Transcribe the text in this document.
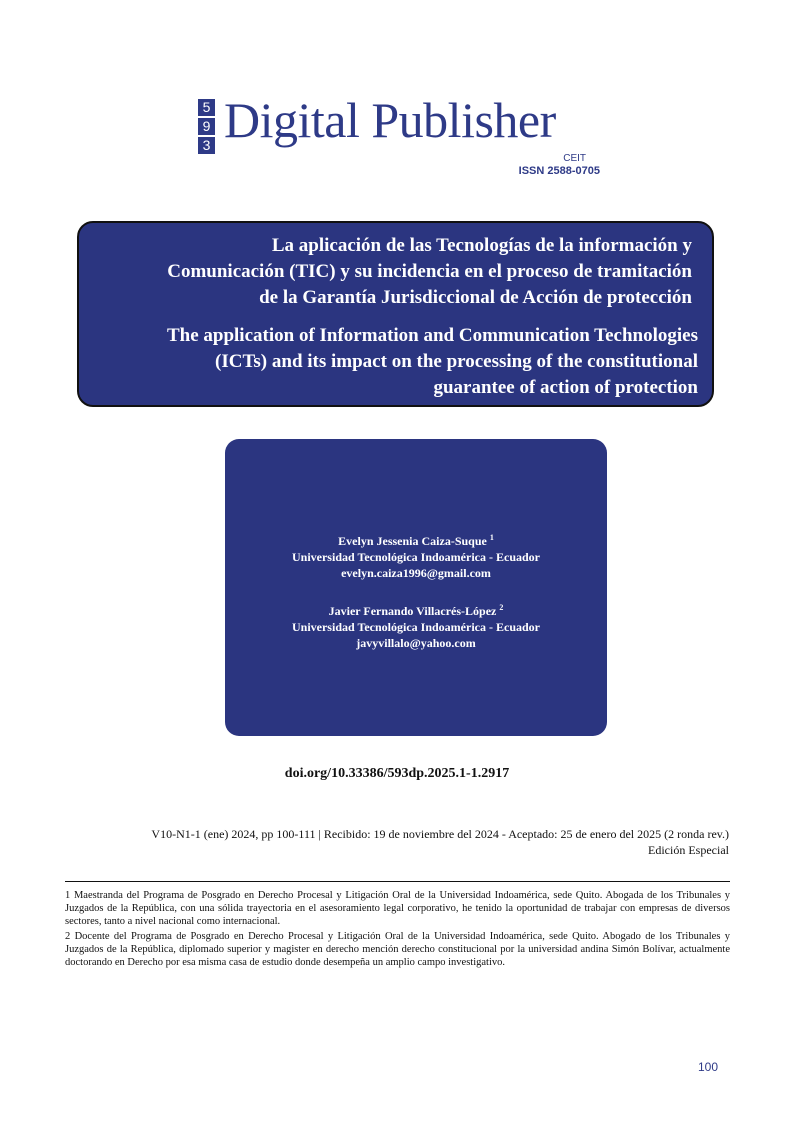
5
9
3 Digital Publisher
CEIT
ISSN 2588-0705
La aplicación de las Tecnologías de la información y
Comunicación (TIC) y su incidencia en el proceso de tramitación
de la Garantía Jurisdiccional de Acción de protección
The application of Information and Communication Technologies
(ICTs) and its impact on the processing of the constitutional
guarantee of action of protection

Evelyn Jessenia Caiza-Suque $^1$

Universidad Tecnológica Indoamérica - Ecuador

evelyn.caiza1996@gmail.com

Javier Fernando Villacrés-López $^2$

Universidad Tecnológica Indoamérica - Ecuador

javyvillalo@yahoo.com

doi.org/10.33386/593dp.2025.1-1.2917

V10-N1-1 (ene) 2024, pp 100-111 | Recibido: 19 de noviembre del 2024 - Aceptado: 25 de enero del 2025 (2 ronda rev.)

Edición Especial

1 Maestranda del Programa de Posgrado en Derecho Procesal y Litigación Oral de la Universidad Indoamérica, sede Quito. Abogada de los Tribunales y Juzgados de la República, con una sólida trayectoria en el asesoramiento legal corporativo, he tenido la oportunidad de trabajar con empresas de diversos sectores, tanto a nivel nacional como internacional.

2 Docente del Programa de Posgrado en Derecho Procesal y Litigación Oral de la Universidad Indoamérica, sede Quito. Abogado de los Tribunales y Juzgados de la República, diplomado superior y magister en derecho mención derecho constitucional por la universidad andina Simón Bolívar, actualmente doctorando en Derecho por esa misma casa de estudio donde desempeña un amplio campo investigativo.

100
